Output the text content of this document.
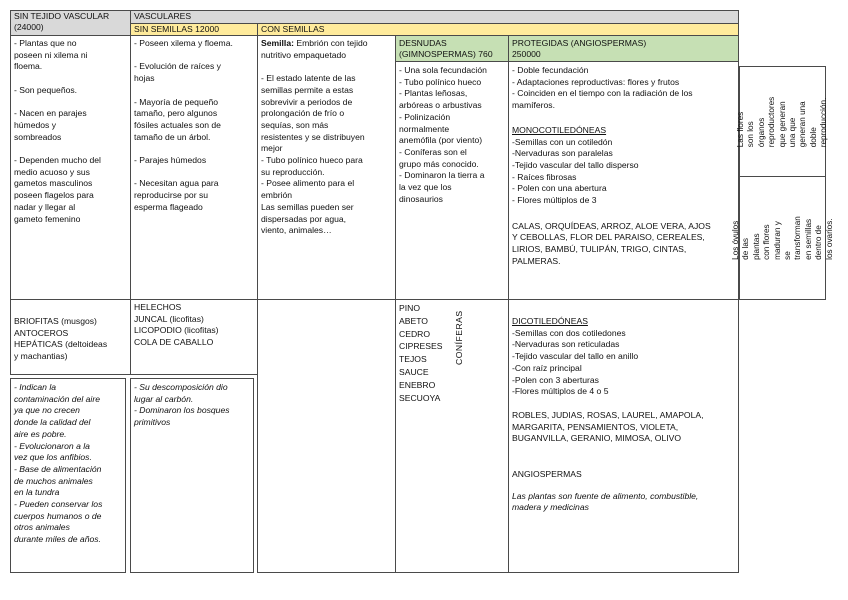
SIN TEJIDO VASCULAR
(24000)
VASCULARES
SIN SEMILLAS 12000	CON SEMILLAS
- Plantas que no
poseen ni xilema ni
floema.

- Son pequeños.

- Nacen en parajes
húmedos y
sombreados

- Dependen mucho del
medio acuoso y sus
gametos masculinos
poseen flagelos para
nadar y llegar al
gameto femenino
- Poseen xilema y floema.

- Evolución de raíces y
hojas

- Mayoría de pequeño
tamaño, pero algunos
fósiles actuales son de
tamaño de un árbol.

- Parajes húmedos

- Necesitan agua para
reproducirse por su
esperma flageado
Semilla: Embrión con tejido
nutritivo empaquetado

- El estado latente de las
semillas permite a estas
sobrevivir a periodos de
prolongación de frío o
sequías, son más
resistentes y se distribuyen
mejor
- Tubo polínico hueco para
su reproducción.
- Posee alimento para el
embrión
Las semillas pueden ser
dispersadas por agua,
viento, animales…
DESNUDAS
(GIMNOSPERMAS) 760
- Una sola fecundación
- Tubo polínico hueco
- Plantas leñosas,
arbóreas o arbustivas
- Polinización
normalmente
anemófila (por viento)
- Coníferas son el
grupo más conocido.
- Dominaron la tierra a
la vez que los
dinosaurios
PROTEGIDAS (ANGIOSPERMAS)
250000
- Doble fecundación
- Adaptaciones reproductivas: flores y frutos
- Coinciden en el tiempo con la radiación de los
mamíferos.
MONOCOTILEDÓNEAS
-Semillas con un cotiledón
-Nervaduras son paralelas
-Tejido vascular del tallo disperso
- Raíces fibrosas
- Polen con una abertura
- Flores múltiplos de 3
CALAS, ORQUÍDEAS, ARROZ, ALOE VERA, AJOS
Y CEBOLLAS, FLOR DEL PARAISO, CEREALES,
LIRIOS, BAMBÚ, TULIPÁN, TRIGO, CINTAS,
PALMERAS.
Las flores son los
órganos reproductores
que generan una que
generan una doble
reproducción.
Los óvulos de las plantas
con flores maduran y se
transforman en semillas
dentro de los ovarios.
BRIOFITAS (musgos)
ANTOCEROS
HEPÁTICAS (deltoideas
y machantias)
- Indican la
contaminación del aire
ya que no crecen
donde la calidad del
aire es pobre.
- Evolucionaron a la
vez que los anfibios.
- Base de alimentación
de muchos animales
en la tundra
- Pueden conservar los
cuerpos humanos o de
otros animales
durante miles de años.
HELECHOS
JUNCAL (licofitas)
LICOPODIO (licofitas)
COLA DE CABALLO
- Su descomposición dio
lugar al carbón.
- Dominaron los bosques
primitivos
PINO
ABETO
CEDRO
CIPRESES
TEJOS
SAUCE
ENEBRO
SECUOYA
CONÍFERAS	DICOTILEDÓNEAS
-Semillas con dos cotiledones
-Nervaduras son reticuladas
-Tejido vascular del tallo en anillo
-Con raíz principal
-Polen con 3 aberturas
-Flores múltiplos de 4 o 5
ROBLES, JUDIAS, ROSAS, LAUREL, AMAPOLA,
MARGARITA, PENSAMIENTOS, VIOLETA,
BUGANVILLA, GERANIO, MIMOSA, OLIVO
ANGIOSPERMAS
Las plantas son fuente de alimento, combustible,
madera y medicinas
